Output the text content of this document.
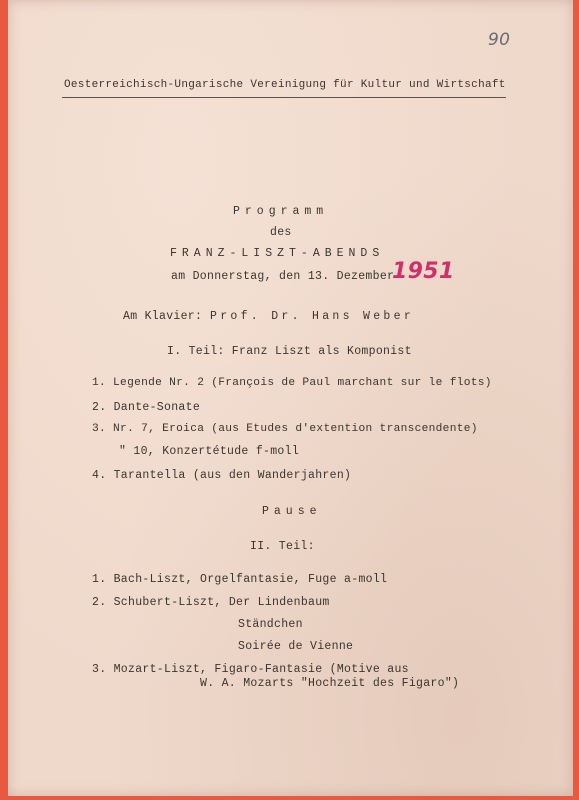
90
Oesterreichisch-Ungarische Vereinigung für Kultur und Wirtschaft
Programm
des
FRANZ-LISZT-ABENDS
am Donnerstag, den 13. Dezember
1951
Am Klavier: Prof. Dr. Hans Weber
I. Teil: Franz Liszt als Komponist
1. Legende Nr. 2 (François de Paul marchant sur le flots)
2. Dante-Sonate
3. Nr. 7, Eroica (aus Etudes d'extention transcendente)
" 10, Konzertétude f-moll
4. Tarantella (aus den Wanderjahren)
Pause
II. Teil:
1. Bach-Liszt, Orgelfantasie, Fuge a-moll
2. Schubert-Liszt, Der Lindenbaum
Ständchen
Soirée de Vienne
3. Mozart-Liszt, Figaro-Fantasie (Motive aus
W. A. Mozarts "Hochzeit des Figaro")
